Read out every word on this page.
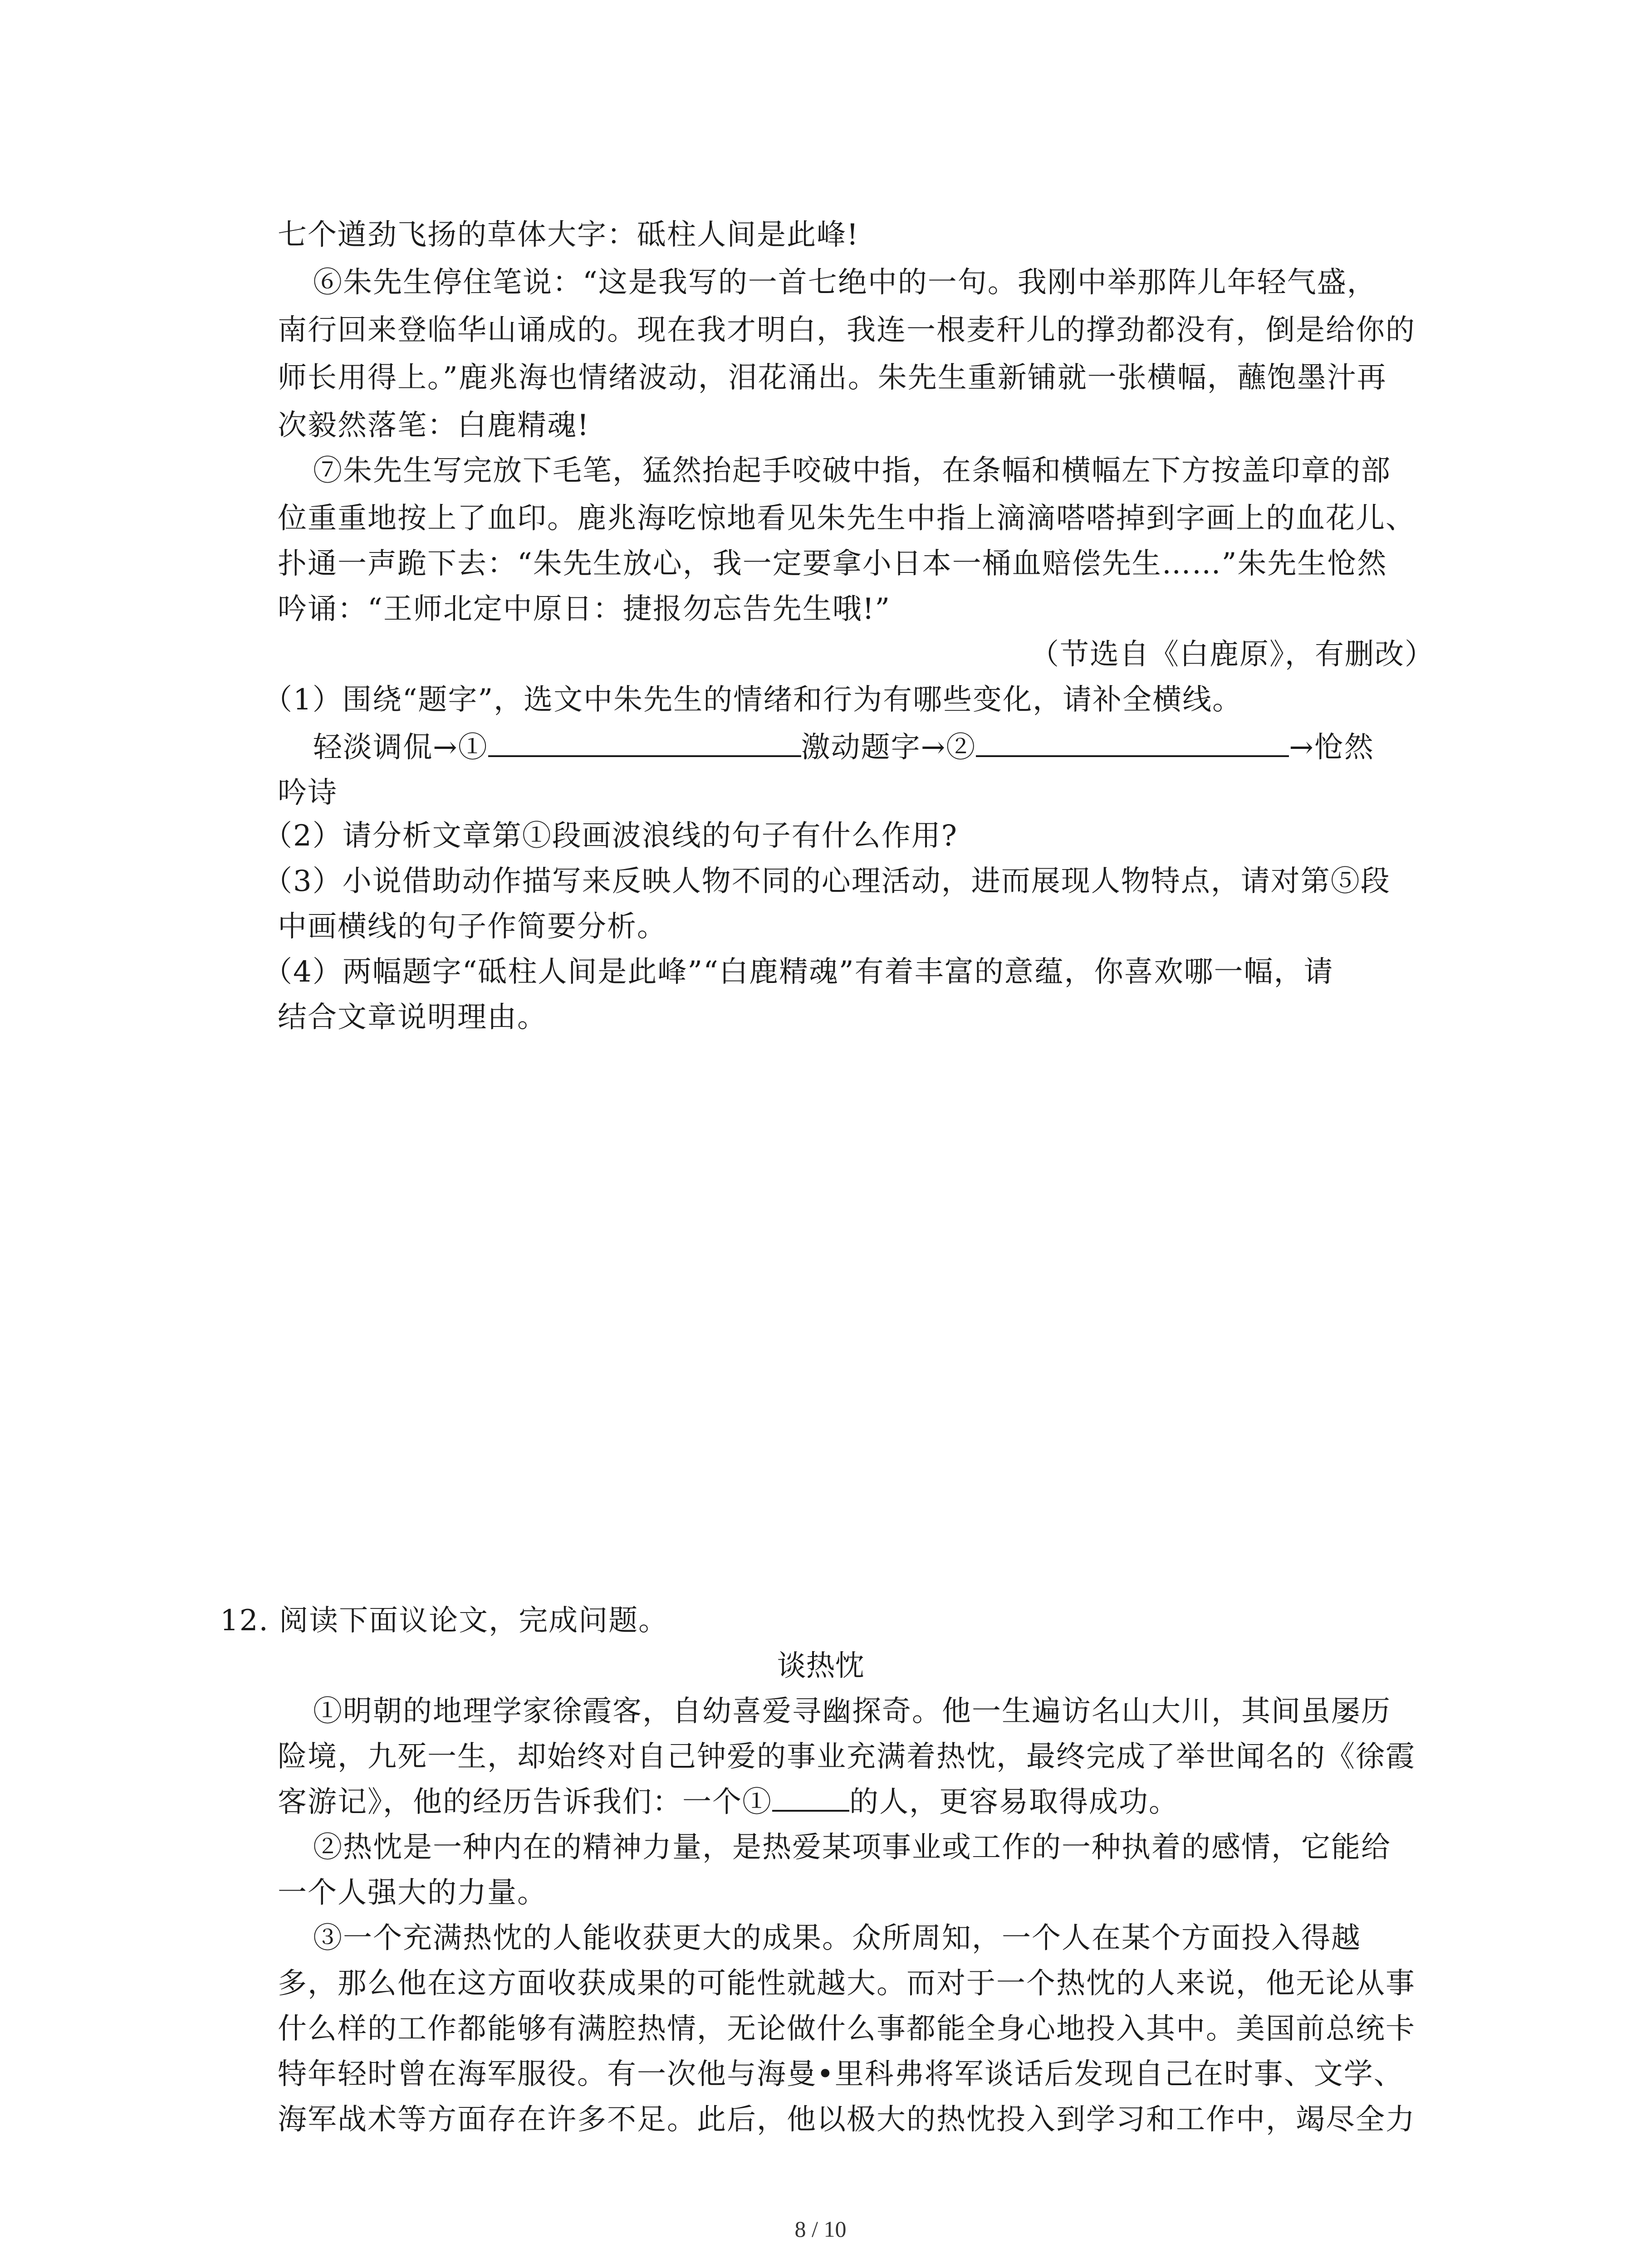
七个遒劲飞扬的草体大字：砥柱人间是此峰!
⑥朱先生停住笔说：“这是我写的一首七绝中的一句。我刚中举那阵儿年轻气盛，
南行回来登临华山诵成的。现在我才明白，我连一根麦秆儿的撑劲都没有，倒是给你的
师长用得上。”鹿兆海也情绪波动，泪花涌出。朱先生重新铺就一张横幅，蘸饱墨汁再
次毅然落笔：白鹿精魂!
⑦朱先生写完放下毛笔，猛然抬起手咬破中指，在条幅和横幅左下方按盖印章的部
位重重地按上了血印。鹿兆海吃惊地看见朱先生中指上滴滴嗒嗒掉到字画上的血花儿、
扑通一声跪下去：“朱先生放心，我一定要拿小日本一桶血赔偿先生……”朱先生怆然
吟诵：“王师北定中原日：捷报勿忘告先生哦!”
（节选自《白鹿原》，有删改）
（1）围绕“题字”，选文中朱先生的情绪和行为有哪些变化，请补全横线。
轻淡调侃→①	激动题字→②	→怆然
吟诗
（2）请分析文章第①段画波浪线的句子有什么作用?
（3）小说借助动作描写来反映人物不同的心理活动，进而展现人物特点，请对第⑤段
中画横线的句子作简要分析。
（4）两幅题字“砥柱人间是此峰”“白鹿精魂”有着丰富的意蕴，你喜欢哪一幅，请
结合文章说明理由。
12. 阅读下面议论文，完成问题。
谈热忱
①明朝的地理学家徐霞客，自幼喜爱寻幽探奇。他一生遍访名山大川，其间虽屡历
险境，九死一生，却始终对自己钟爱的事业充满着热忱，最终完成了举世闻名的《徐霞
客游记》，他的经历告诉我们：一个①	的人，更容易取得成功。
②热忱是一种内在的精神力量，是热爱某项事业或工作的一种执着的感情，它能给
一个人强大的力量。
③一个充满热忱的人能收获更大的成果。众所周知，一个人在某个方面投入得越
多，那么他在这方面收获成果的可能性就越大。而对于一个热忱的人来说，他无论从事
什么样的工作都能够有满腔热情，无论做什么事都能全身心地投入其中。美国前总统卡
特年轻时曾在海军服役。有一次他与海曼•里科弗将军谈话后发现自己在时事、文学、
海军战术等方面存在许多不足。此后，他以极大的热忱投入到学习和工作中，竭尽全力
8 / 10
